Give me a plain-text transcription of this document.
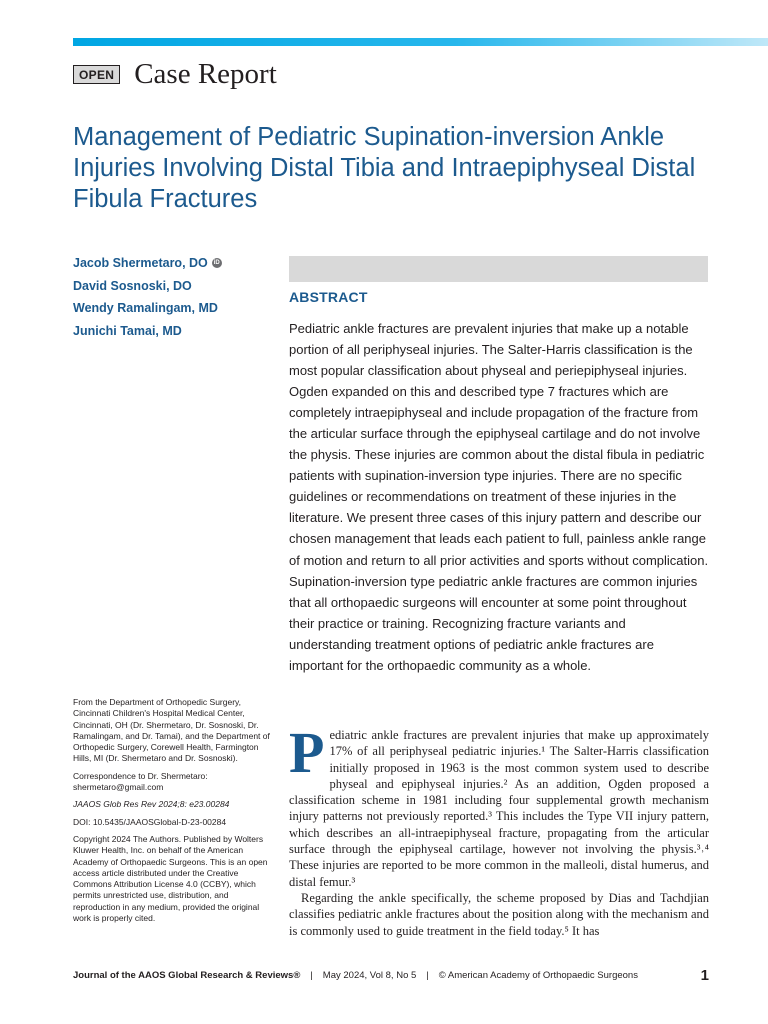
OPEN Case Report
Management of Pediatric Supination-inversion Ankle Injuries Involving Distal Tibia and Intraepiphyseal Distal Fibula Fractures
Jacob Shermetaro, DO	iD
David Sosnoski, DO
Wendy Ramalingam, MD
Junichi Tamai, MD
ABSTRACT

Pediatric ankle fractures are prevalent injuries that make up a notable portion of all periphyseal injuries. The Salter-Harris classification is the most popular classification about physeal and periepiphyseal injuries. Ogden expanded on this and described type 7 fractures which are completely intraepiphyseal and include propagation of the fracture from the articular surface through the epiphyseal cartilage and do not involve the physis. These injuries are common about the distal fibula in pediatric patients with supination-inversion type injuries. There are no specific guidelines or recommendations on treatment of these injuries in the literature. We present three cases of this injury pattern and describe our chosen management that leads each patient to full, painless ankle range of motion and return to all prior activities and sports without complication. Supination-inversion type pediatric ankle fractures are common injuries that all orthopaedic surgeons will encounter at some point throughout their practice or training. Recognizing fracture variants and understanding treatment options of pediatric ankle fractures are important for the orthopaedic community as a whole.

From the Department of Orthopedic Surgery, Cincinnati Children's Hospital Medical Center, Cincinnati, OH (Dr. Shermetaro, Dr. Sosnoski, Dr. Ramalingam, and Dr. Tamai), and the Department of Orthopedic Surgery, Corewell Health, Farmington Hills, MI (Dr. Shermetaro and Dr. Sosnoski).

Correspondence to Dr. Shermetaro: shermetaro@gmail.com

JAAOS Glob Res Rev 2024;8: e23.00284

DOI: 10.5435/JAAOSGlobal-D-23-00284

Copyright 2024 The Authors. Published by Wolters Kluwer Health, Inc. on behalf of the American Academy of Orthopaedic Surgeons. This is an open access article distributed under the Creative Commons Attribution License 4.0 (CCBY), which permits unrestricted use, distribution, and reproduction in any medium, provided the original work is properly cited.

Pediatric ankle fractures are prevalent injuries that make up approximately 17% of all periphyseal pediatric injuries.¹ The Salter-Harris classification initially proposed in 1963 is the most common system used to describe physeal and epiphyseal injuries.² As an addition, Ogden proposed a classification scheme in 1981 including four supplemental growth mechanism injury patterns not previously reported.³ This includes the Type VII injury pattern, which describes an all-intraepiphyseal fracture, propagating from the articular surface through the epiphyseal cartilage, however not involving the physis.³˒⁴ These injuries are reported to be more common in the malleoli, distal humerus, and distal femur.³

Regarding the ankle specifically, the scheme proposed by Dias and Tachdjian classifies pediatric ankle fractures about the position along with the mechanism and is commonly used to guide treatment in the field today.⁵ It has

Journal of the AAOS Global Research & Reviews® | May 2024, Vol 8, No 5 | © American Academy of Orthopaedic Surgeons	1
